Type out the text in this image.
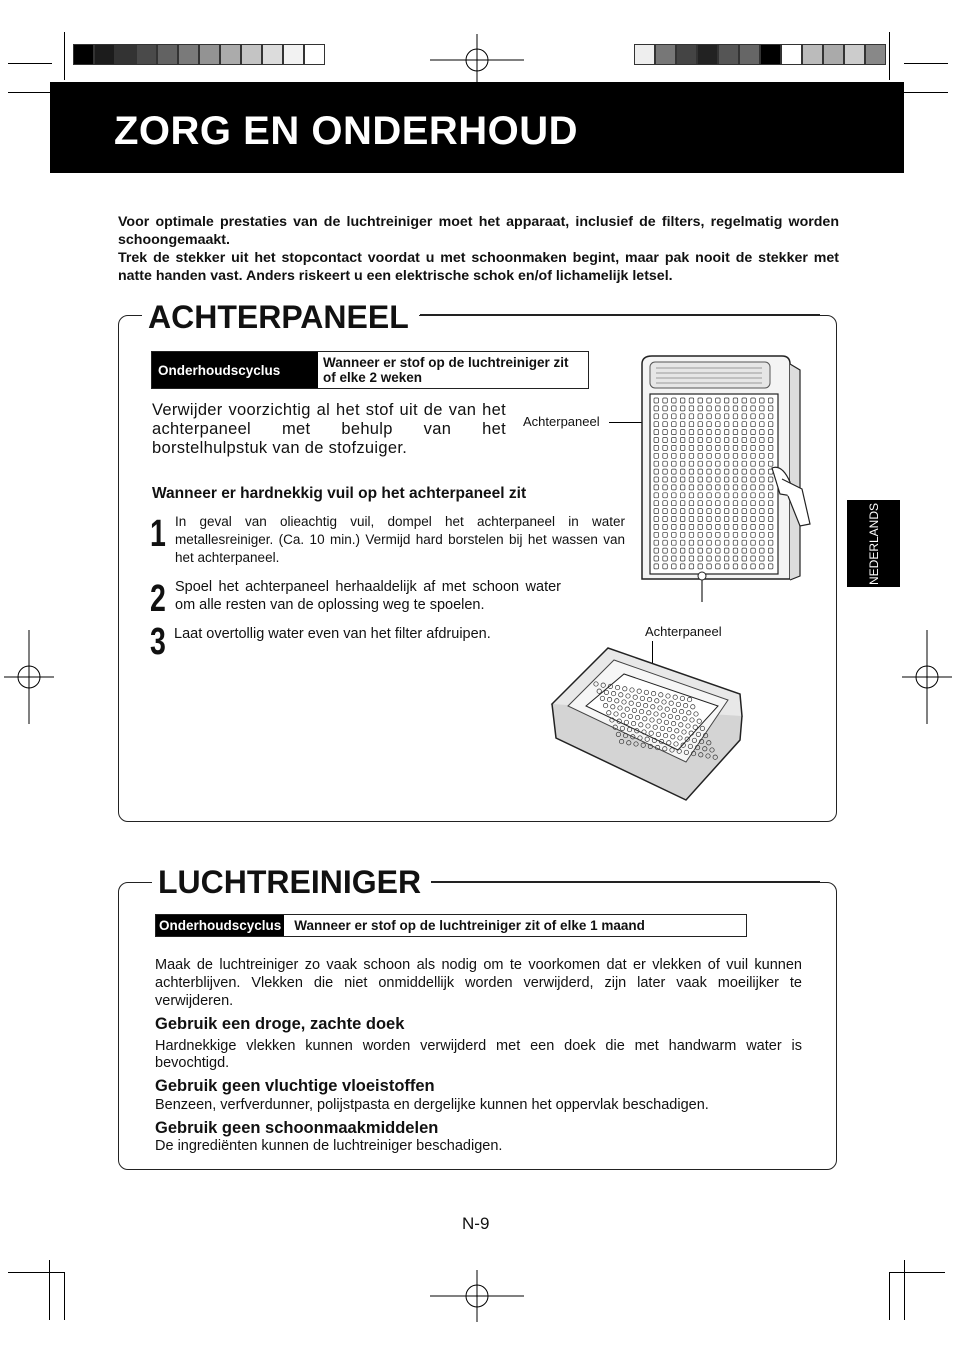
ZORG EN ONDERHOUD

Voor optimale prestaties van de luchtreiniger moet het apparaat, inclusief de filters, regelmatig worden schoongemaakt.

Trek de stekker uit het stopcontact voordat u met schoonmaken begint, maar pak nooit de stekker met natte handen vast. Anders riskeert u een elektrische schok en/of lichamelijk letsel.

NEDERLANDS
ACHTERPANEEL
Onderhoudscyclus	Wanneer er stof op de luchtreiniger zit of elke 2 weken
Verwijder voorzichtig al het stof uit de van het achterpaneel met behulp van het borstelhulpstuk van de stofzuiger.
Wanneer er hardnekkig vuil op het achterpaneel zit
1 In geval van olieachtig vuil, dompel het achterpaneel in water metallesreiniger. (Ca. 10 min.) Vermijd hard borstelen bij het wassen van het achterpaneel.
2 Spoel het achterpaneel herhaaldelijk af met schoon water om alle resten van de oplossing weg te spoelen.
3 Laat overtollig water even van het filter afdruipen.
Achterpaneel
Achterpaneel
LUCHTREINIGER
Onderhoudscyclus Wanneer er stof op de luchtreiniger zit of elke 1 maand
Maak de luchtreiniger zo vaak schoon als nodig om te voorkomen dat er vlekken of vuil kunnen achterblijven. Vlekken die niet onmiddellijk worden verwijderd, zijn later vaak moeilijker te verwijderen.
Gebruik een droge, zachte doek
Hardnekkige vlekken kunnen worden verwijderd met een doek die met handwarm water is bevochtigd.
Gebruik geen vluchtige vloeistoffen
Benzeen, verfverdunner, polijstpasta en dergelijke kunnen het oppervlak beschadigen.
Gebruik geen schoonmaakmiddelen
De ingrediënten kunnen de luchtreiniger beschadigen.
N-9
